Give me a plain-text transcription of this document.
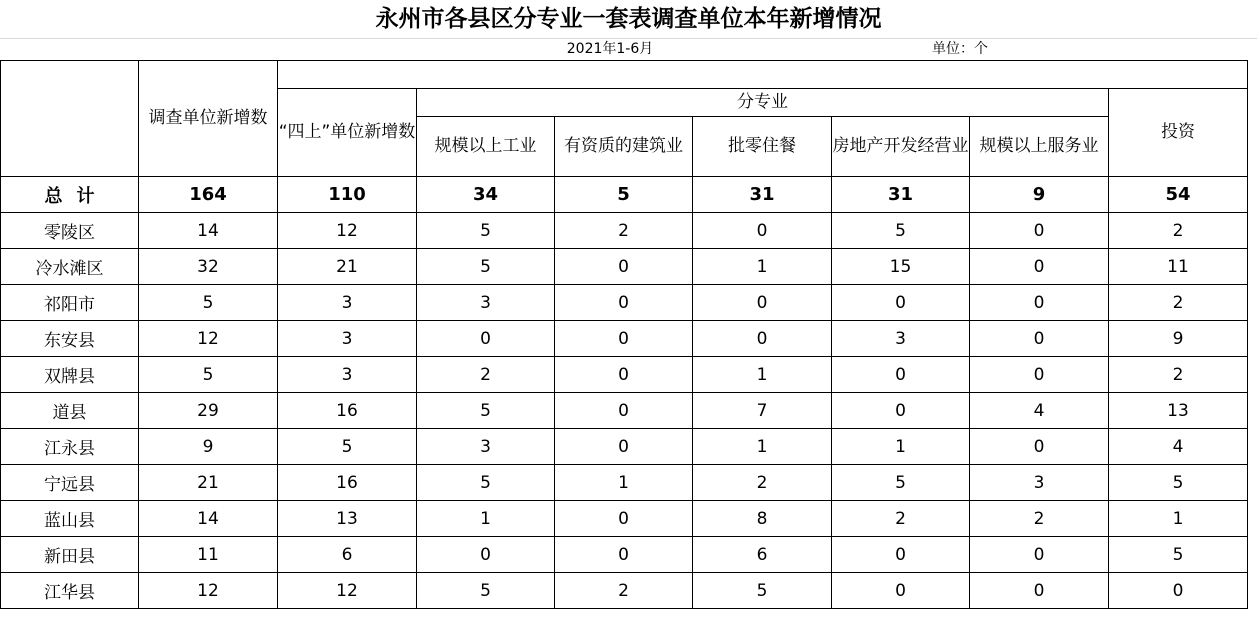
永州市各县区分专业一套表调查单位本年新增情况
2021年1-6月	单位：个
	调查单位新增数							
		“四上”单位新增数	分专业					投资
			规模以上工业	有资质的建筑业	批零住餐	房地产开发经营业	规模以上服务业	
总计	164	110	34	5	31	31	9	54
零陵区	14	12	5	2	0	5	0	2
冷水滩区	32	21	5	0	1	15	0	11
祁阳市	5	3	3	0	0	0	0	2
东安县	12	3	0	0	0	3	0	9
双牌县	5	3	2	0	1	0	0	2
道县	29	16	5	0	7	0	4	13
江永县	9	5	3	0	1	1	0	4
宁远县	21	16	5	1	2	5	3	5
蓝山县	14	13	1	0	8	2	2	1
新田县	11	6	0	0	6	0	0	5
江华县	12	12	5	2	5	0	0	0
